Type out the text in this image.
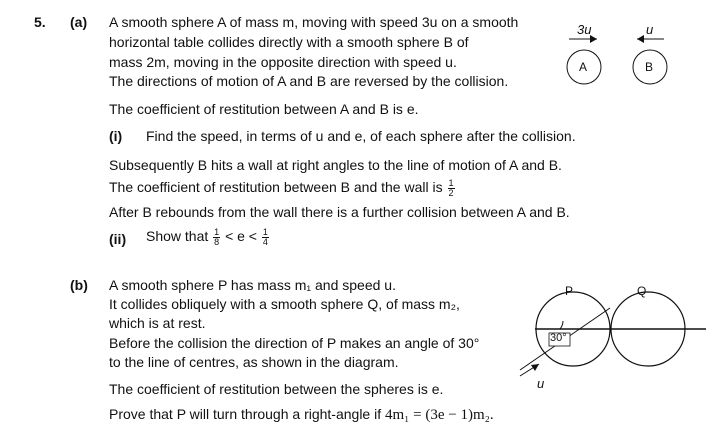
5. (a) A smooth sphere A of mass m, moving with speed 3u on a smooth
horizontal table collides directly with a smooth sphere B of
mass 2m, moving in the opposite direction with speed u.
The directions of motion of A and B are reversed by the collision.
The coefficient of restitution between A and B is e.
(i) Find the speed, in terms of u and e, of each sphere after the collision.
Subsequently B hits a wall at right angles to the line of motion of A and B.
The coefficient of restitution between B and the wall is $\frac{1}{2}$
After B rebounds from the wall there is a further collision between A and B.
(ii) Show that $\frac{1}{8} < e < \frac{1}{4}$
3u	u
A	B
(b) A smooth sphere P has mass m₁ and speed u.
It collides obliquely with a smooth sphere Q, of mass m₂,
which is at rest.
Before the collision the direction of P makes an angle of 30°
to the line of centres, as shown in the diagram.
The coefficient of restitution between the spheres is e.
Prove that P will turn through a right-angle if 4m₁ = (3e − 1)m₂.
P	Q
30°
u
